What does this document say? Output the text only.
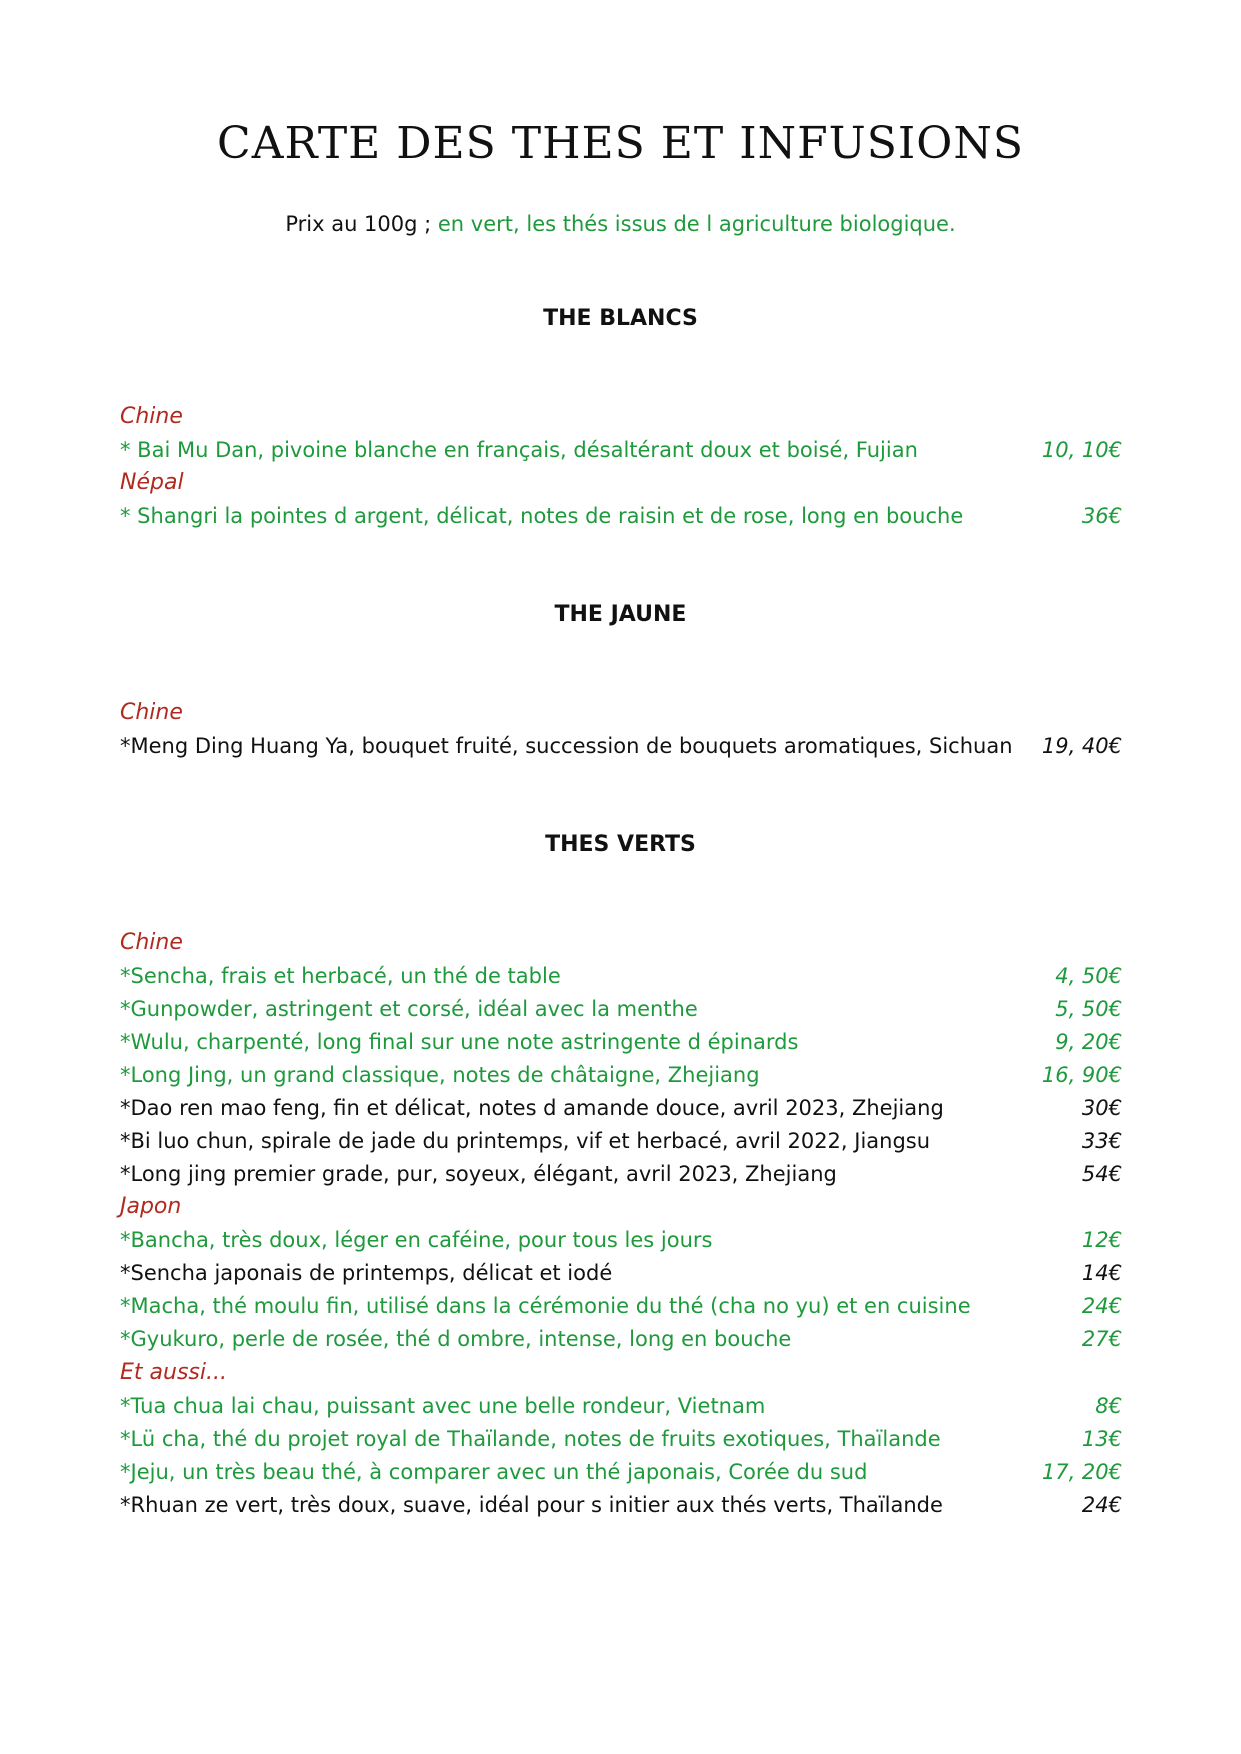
CARTE DES THES ET INFUSIONS
Prix au 100g ; en vert, les thés issus de l agriculture biologique.
THE BLANCS
Chine
* Bai Mu Dan, pivoine blanche en français, désaltérant doux et boisé, Fujian	10, 10€
Népal
* Shangri la pointes d argent, délicat, notes de raisin et de rose, long en bouche	36€
THE JAUNE
Chine
*Meng Ding Huang Ya, bouquet fruité, succession de bouquets aromatiques, Sichuan 19, 40€
THES VERTS
Chine
*Sencha, frais et herbacé, un thé de table	4, 50€
*Gunpowder, astringent et corsé, idéal avec la menthe	5, 50€
*Wulu, charpenté, long final sur une note astringente d épinards	9, 20€
*Long Jing, un grand classique, notes de châtaigne, Zhejiang	16, 90€
*Dao ren mao feng, fin et délicat, notes d amande douce, avril 2023, Zhejiang	30€
*Bi luo chun, spirale de jade du printemps, vif et herbacé, avril 2022, Jiangsu	33€
*Long jing premier grade, pur, soyeux, élégant, avril 2023, Zhejiang	54€
Japon
*Bancha, très doux, léger en caféine, pour tous les jours	12€
*Sencha japonais de printemps, délicat et iodé	14€
*Macha, thé moulu fin, utilisé dans la cérémonie du thé (cha no yu) et en cuisine	24€
*Gyukuro, perle de rosée, thé d ombre, intense, long en bouche	27€
Et aussi...
*Tua chua lai chau, puissant avec une belle rondeur, Vietnam	8€
*Lü cha, thé du projet royal de Thaïlande, notes de fruits exotiques, Thaïlande	13€
*Jeju, un très beau thé, à comparer avec un thé japonais, Corée du sud	17, 20€
*Rhuan ze vert, très doux, suave, idéal pour s initier aux thés verts, Thaïlande	24€
